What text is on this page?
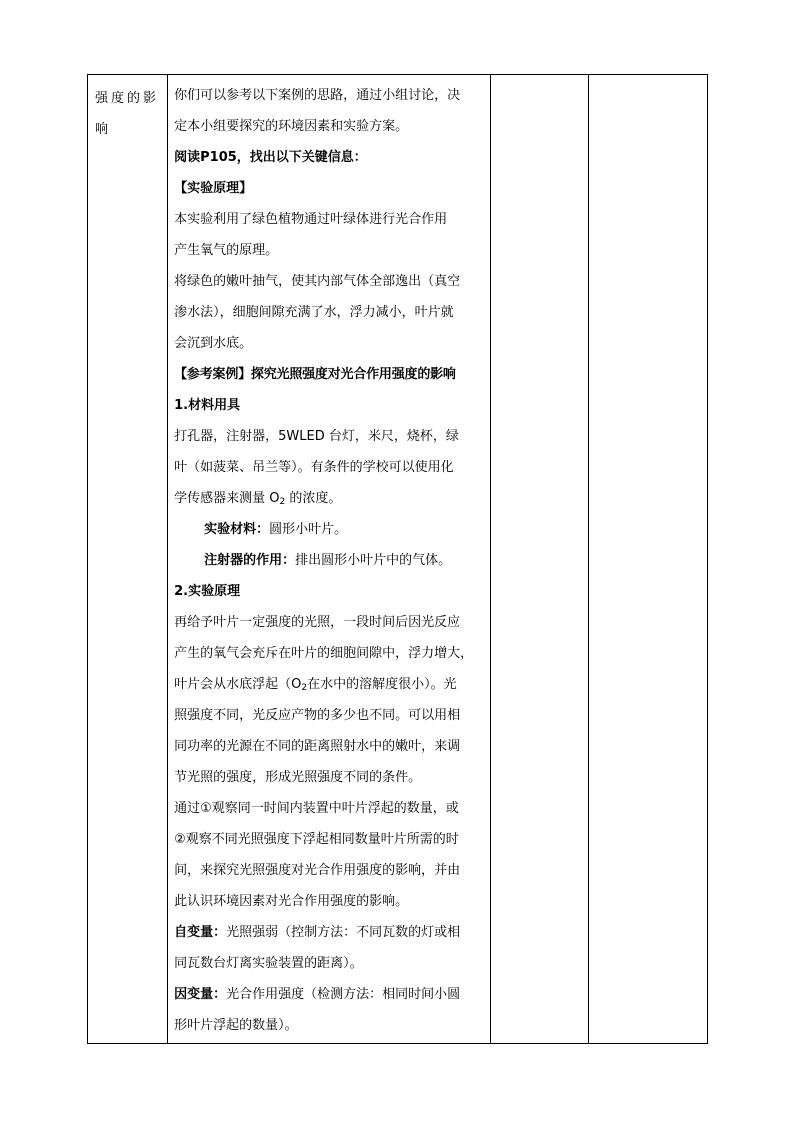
强度的影
响

你们可以参考以下案例的思路，通过小组讨论，决
定本小组要探究的环境因素和实验方案。
阅读P105，找出以下关键信息：
【实验原理】
本实验利用了绿色植物通过叶绿体进行光合作用
产生氧气的原理。
将绿色的嫩叶抽气，使其内部气体全部逸出（真空
渗水法），细胞间隙充满了水，浮力减小，叶片就
会沉到水底。
【参考案例】探究光照强度对光合作用强度的影响
1.材料用具
打孔器，注射器，5WLED 台灯，米尺，烧杯，绿
叶（如菠菜、吊兰等）。有条件的学校可以使用化
学传感器来测量 $O_2$ 的浓度。
实验材料：圆形小叶片。
注射器的作用：排出圆形小叶片中的气体。
2.实验原理
再给予叶片一定强度的光照，一段时间后因光反应
产生的氧气会充斥在叶片的细胞间隙中，浮力增大，
叶片会从水底浮起（$O_2$在水中的溶解度很小）。光
照强度不同，光反应产物的多少也不同。可以用相
同功率的光源在不同的距离照射水中的嫩叶，来调
节光照的强度，形成光照强度不同的条件。
通过①观察同一时间内装置中叶片浮起的数量，或
②观察不同光照强度下浮起相同数量叶片所需的时
间，来探究光照强度对光合作用强度的影响，并由
此认识环境因素对光合作用强度的影响。
自变量：光照强弱（控制方法：不同瓦数的灯或相
同瓦数台灯离实验装置的距离）。
因变量：光合作用强度（检测方法：相同时间小圆
形叶片浮起的数量）。
